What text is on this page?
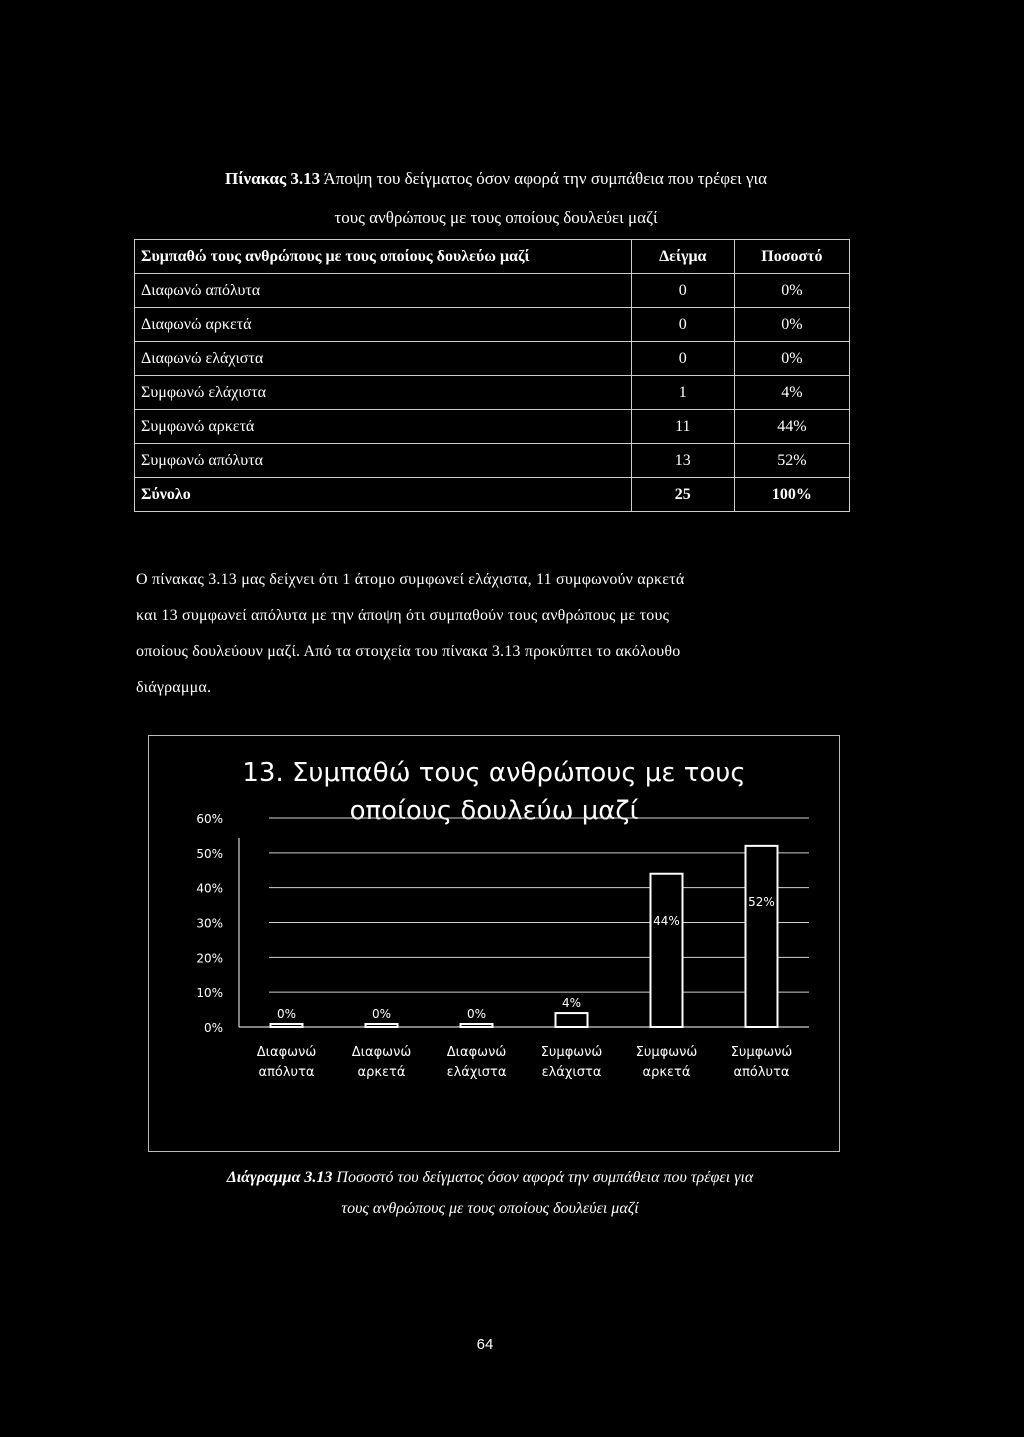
Πίνακας 3.13 Άποψη του δείγματος όσον αφορά την συμπάθεια που τρέφει για
τους ανθρώπους με τους οποίους δουλεύει μαζί
Συμπαθώ τους ανθρώπους με τους οποίους δουλεύω μαζί	Δείγμα	Ποσοστό
Διαφωνώ απόλυτα	0	0%
Διαφωνώ αρκετά	0	0%
Διαφωνώ ελάχιστα	0	0%
Συμφωνώ ελάχιστα	1	4%
Συμφωνώ αρκετά	11	44%
Συμφωνώ απόλυτα	13	52%
Σύνολο	25	100%
Ο πίνακας 3.13 μας δείχνει ότι 1 άτομο συμφωνεί ελάχιστα, 11 συμφωνούν αρκετά
και 13 συμφωνεί απόλυτα με την άποψη ότι συμπαθούν τους ανθρώπους με τους
οποίους δουλεύουν μαζί. Από τα στοιχεία του πίνακα 3.13 προκύπτει το ακόλουθο
διάγραμμα.
13. Συμπαθώ τους ανθρώπους με τους
οποίους δουλεύω μαζί
0%
10%
20%
30%
40%
50%
60%
0%
Διαφωνώ
απόλυτα
0%
Διαφωνώ
αρκετά
0%
Διαφωνώ
ελάχιστα
4%
Συμφωνώ
ελάχιστα
44%
Συμφωνώ
αρκετά
52%
Συμφωνώ
απόλυτα
Διάγραμμα 3.13 Ποσοστό του δείγματος όσον αφορά την συμπάθεια που τρέφει για
τους ανθρώπους με τους οποίους δουλεύει μαζί
64
